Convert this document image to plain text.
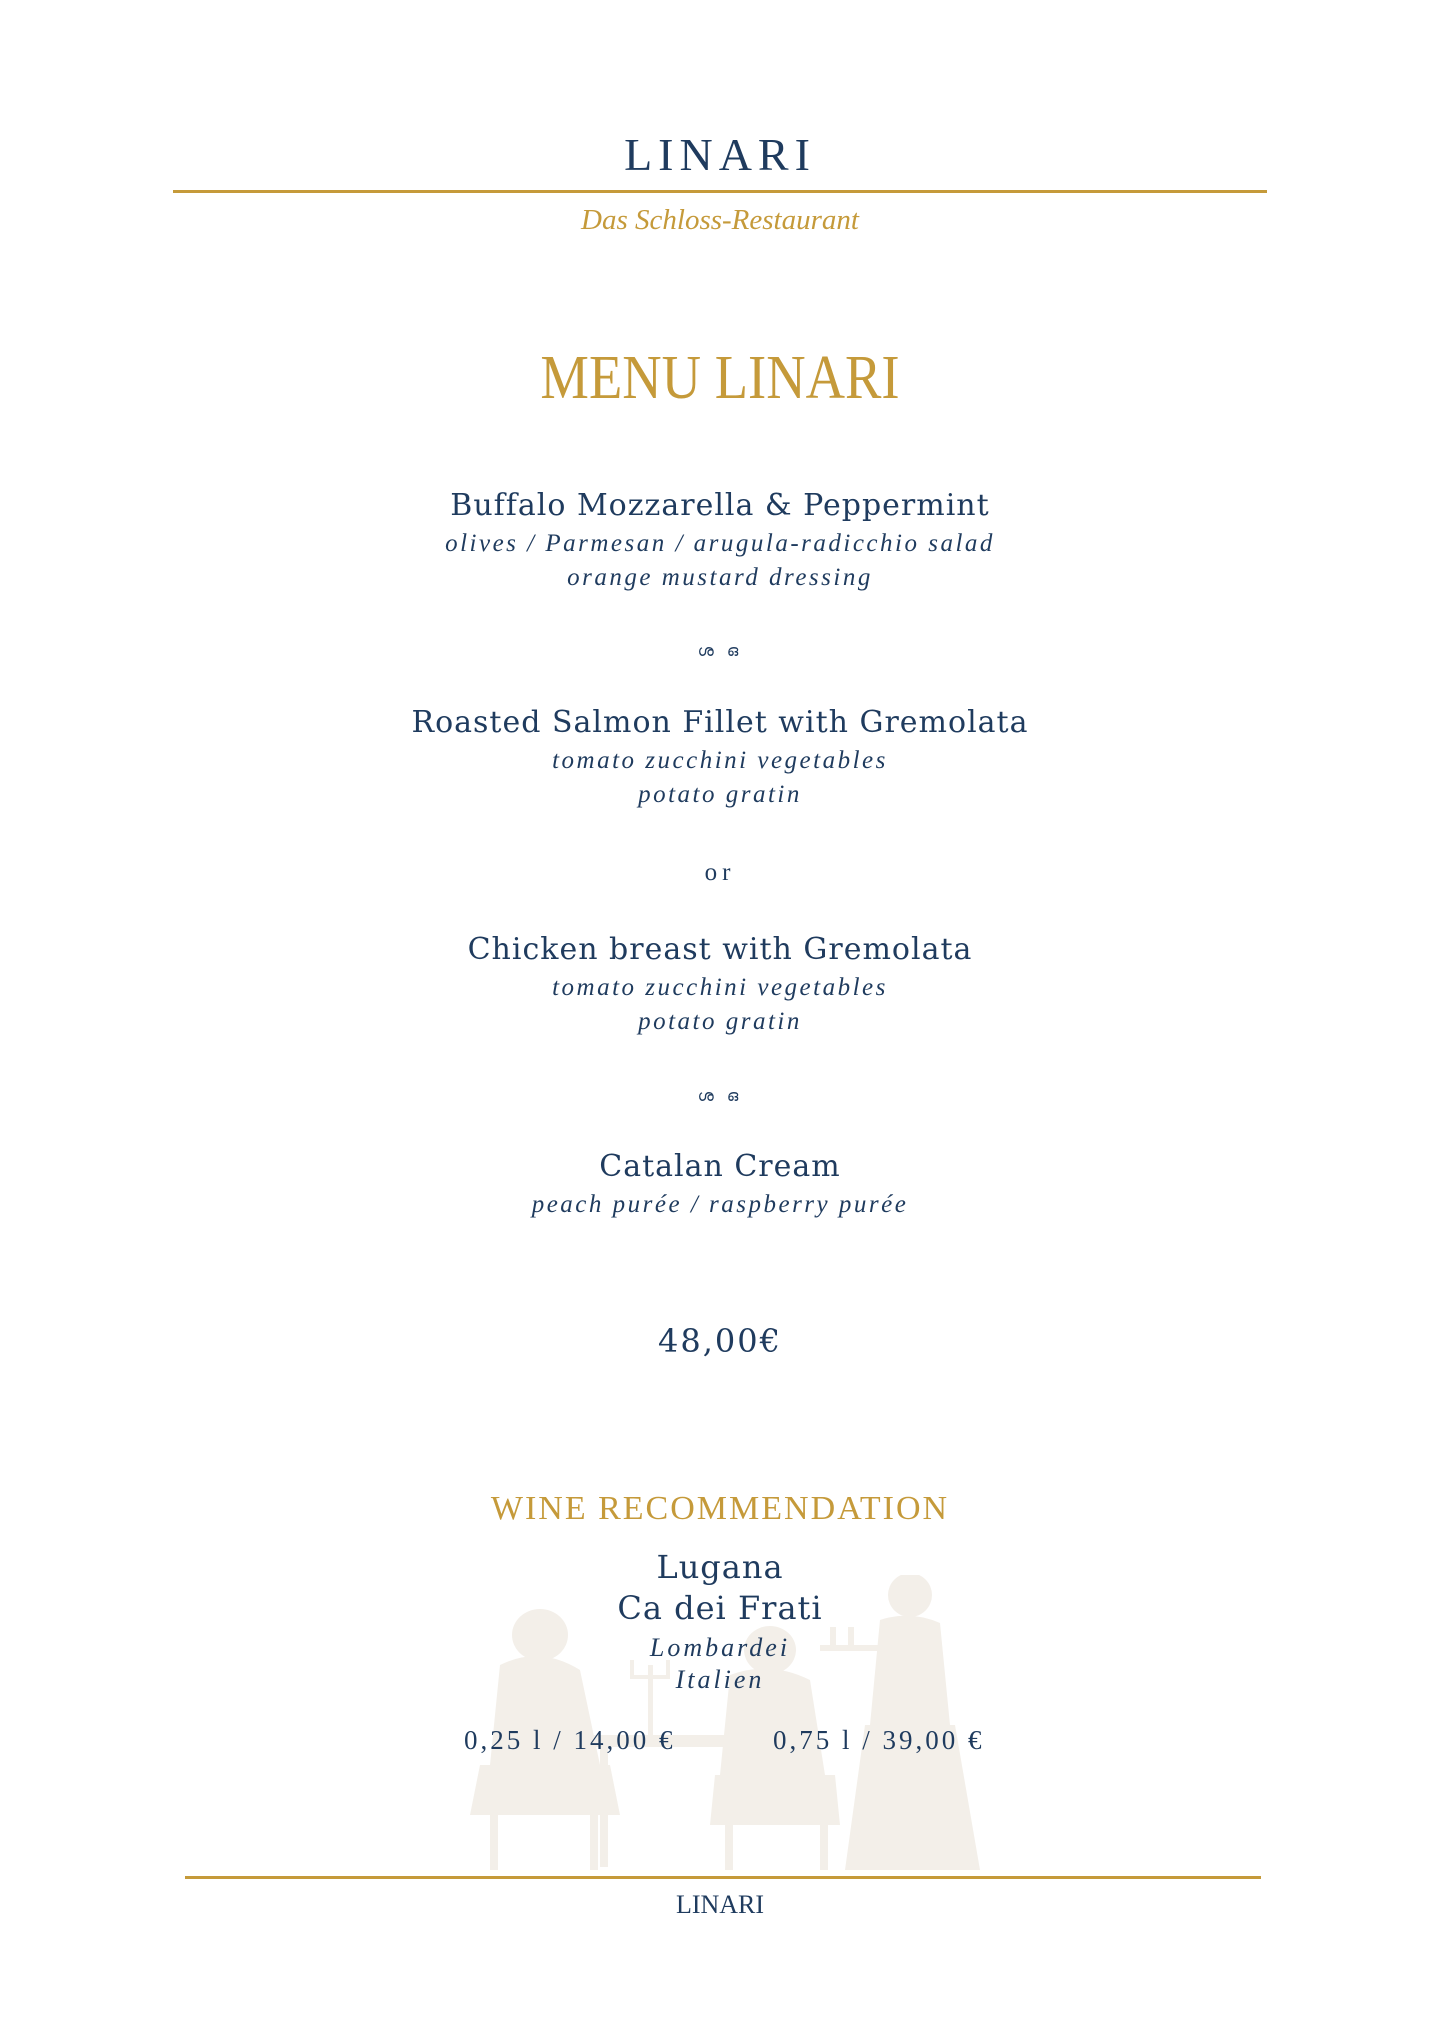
LINARI
Das Schloss-Restaurant
MENU LINARI
Buffalo Mozzarella & Peppermint
olives / Parmesan / arugula-radicchio salad
orange mustard dressing
ശ ഒ
Roasted Salmon Fillet with Gremolata
tomato zucchini vegetables
potato gratin
or
Chicken breast with Gremolata
tomato zucchini vegetables
potato gratin
ശ ഒ
Catalan Cream
peach purée / raspberry purée
48,00€
WINE RECOMMENDATION
Lugana
Ca dei Frati
Lombardei
Italien
0,25 l / 14,00 €	0,75 l / 39,00 €
LINARI
